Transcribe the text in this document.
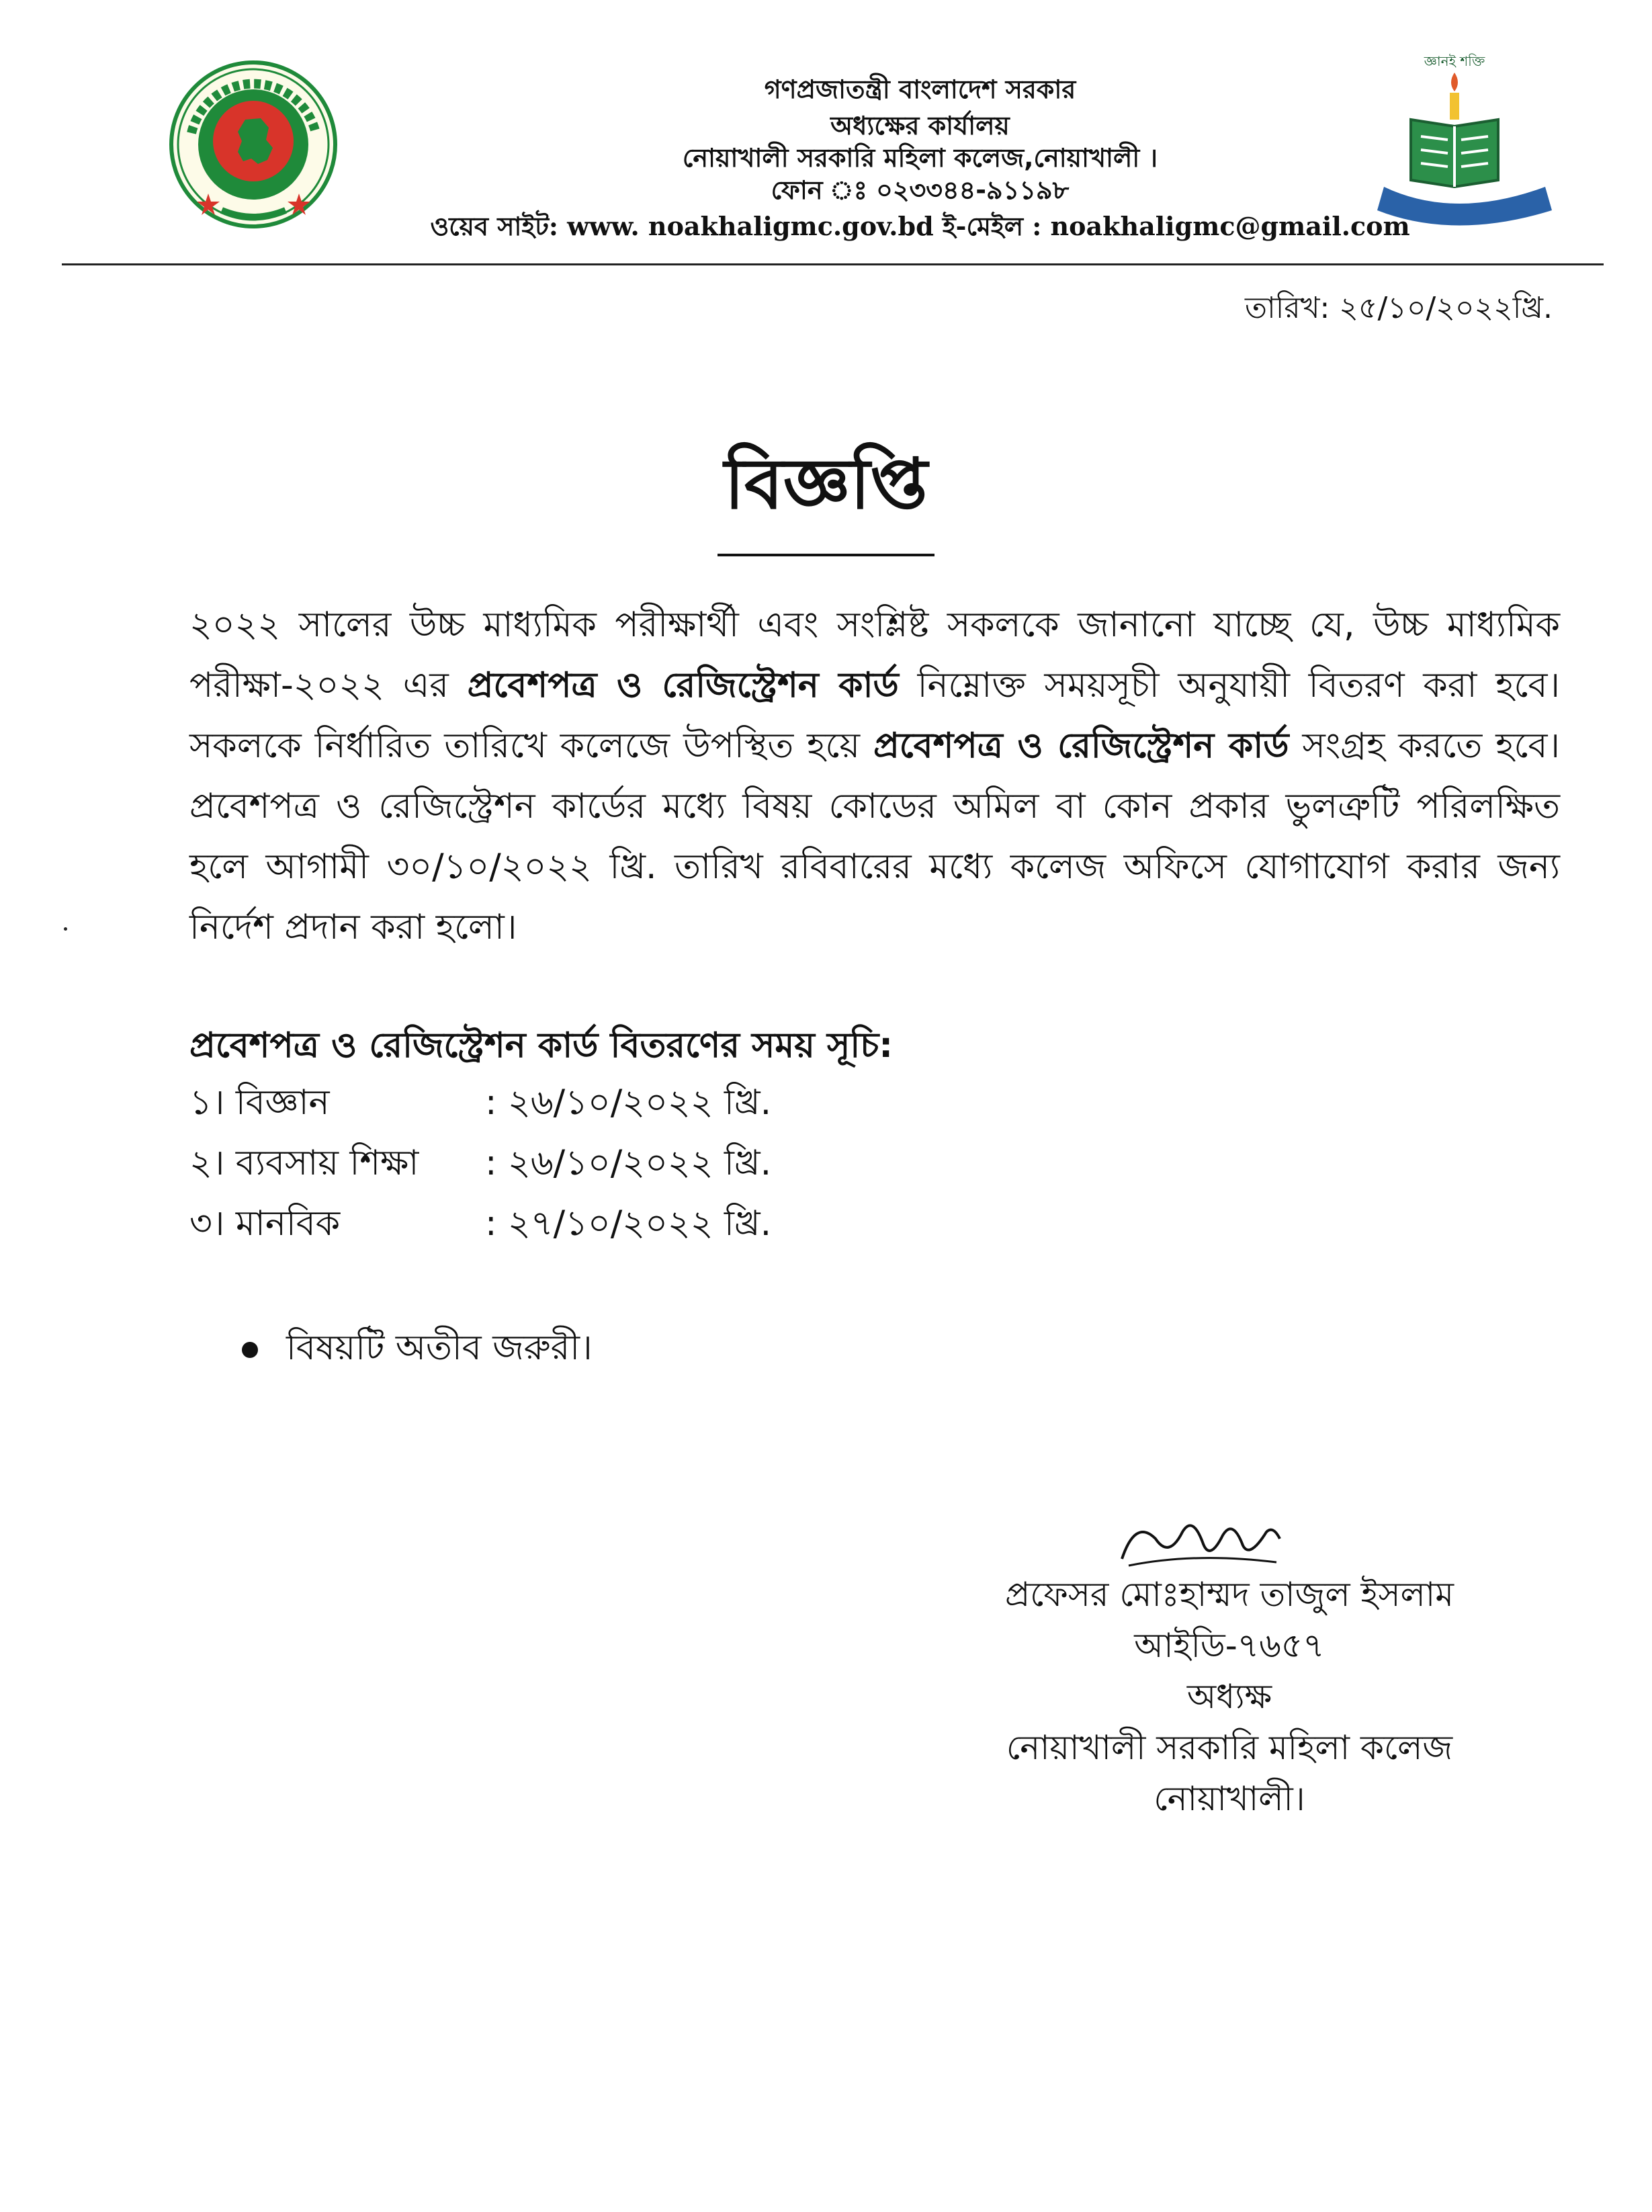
জ্ঞানই শক্তি
গণপ্রজাতন্ত্রী বাংলাদেশ সরকার
অধ্যক্ষের কার্যালয়
নোয়াখালী সরকারি মহিলা কলেজ,নোয়াখালী ।
ফোন ঃ ০২৩৩৪৪-৯১১৯৮
ওয়েব সাইট: www. noakhaligmc.gov.bd ই-মেইল : noakhaligmc@gmail.com
তারিখ: ২৫/১০/২০২২খ্রি.
বিজ্ঞপ্তি
২০২২ সালের উচ্চ মাধ্যমিক পরীক্ষার্থী এবং সংশ্লিষ্ট সকলকে জানানো যাচ্ছে যে, উচ্চ মাধ্যমিক পরীক্ষা-২০২২ এর প্রবেশপত্র ও রেজিস্ট্রেশন কার্ড নিম্নোক্ত সময়সূচী অনুযায়ী বিতরণ করা হবে। সকলকে নির্ধারিত তারিখে কলেজে উপস্থিত হয়ে প্রবেশপত্র ও রেজিস্ট্রেশন কার্ড সংগ্রহ করতে হবে। প্রবেশপত্র ও রেজিস্ট্রেশন কার্ডের মধ্যে বিষয় কোডের অমিল বা কোন প্রকার ভুলত্রুটি পরিলক্ষিত হলে আগামী ৩০/১০/২০২২ খ্রি. তারিখ রবিবারের মধ্যে কলেজ অফিসে যোগাযোগ করার জন্য নির্দেশ প্রদান করা হলো।
প্রবেশপত্র ও রেজিস্ট্রেশন কার্ড বিতরণের সময় সূচি:
১। বিজ্ঞান	: ২৬/১০/২০২২ খ্রি.
২। ব্যবসায় শিক্ষা : ২৬/১০/২০২২ খ্রি.
৩। মানবিক	: ২৭/১০/২০২২ খ্রি.
বিষয়টি অতীব জরুরী।
প্রফেসর মোঃহাম্মদ তাজুল ইসলাম
আইডি-৭৬৫৭
অধ্যক্ষ
নোয়াখালী সরকারি মহিলা কলেজ
নোয়াখালী।
